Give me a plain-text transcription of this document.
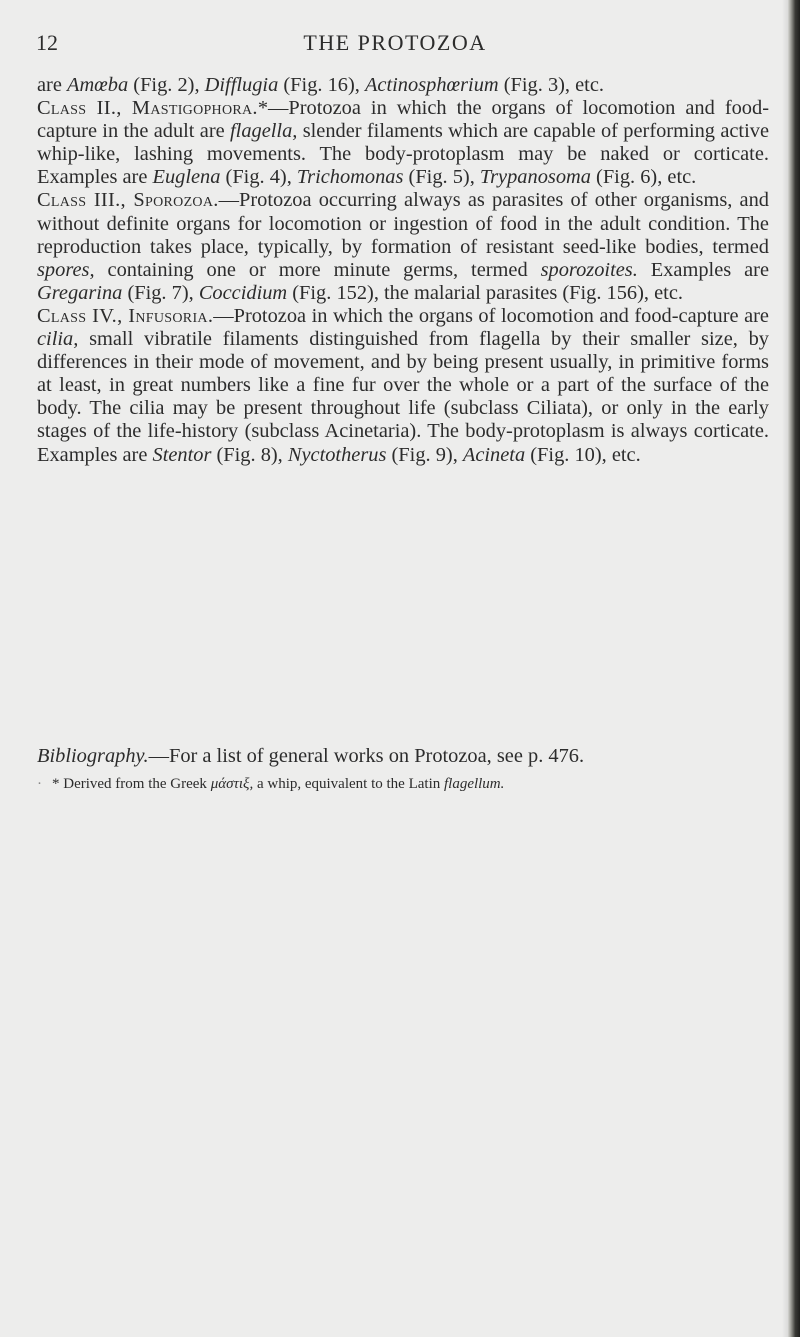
12	THE PROTOZOA

are Amœba (Fig. 2), Difflugia (Fig. 16), Actinosphœrium (Fig. 3), etc.

Class II., Mastigophora.*—Protozoa in which the organs of locomotion and food-capture in the adult are flagella, slender filaments which are capable of performing active whip-like, lashing movements. The body-protoplasm may be naked or corticate. Examples are Euglena (Fig. 4), Trichomonas (Fig. 5), Trypanosoma (Fig. 6), etc.

Class III., Sporozoa.—Protozoa occurring always as parasites of other organisms, and without definite organs for locomotion or ingestion of food in the adult condition. The reproduction takes place, typically, by formation of resistant seed-like bodies, termed spores, containing one or more minute germs, termed sporozoites. Examples are Gregarina (Fig. 7), Coccidium (Fig. 152), the malarial parasites (Fig. 156), etc.

Class IV., Infusoria.—Protozoa in which the organs of locomotion and food-capture are cilia, small vibratile filaments distinguished from flagella by their smaller size, by differences in their mode of movement, and by being present usually, in primitive forms at least, in great numbers like a fine fur over the whole or a part of the surface of the body. The cilia may be present throughout life (subclass Ciliata), or only in the early stages of the life-history (subclass Acinetaria). The body-protoplasm is always corticate. Examples are Stentor (Fig. 8), Nyctotherus (Fig. 9), Acineta (Fig. 10), etc.

Bibliography.—For a list of general works on Protozoa, see p. 476.
· * Derived from the Greek μάστιξ, a whip, equivalent to the Latin flagellum.
